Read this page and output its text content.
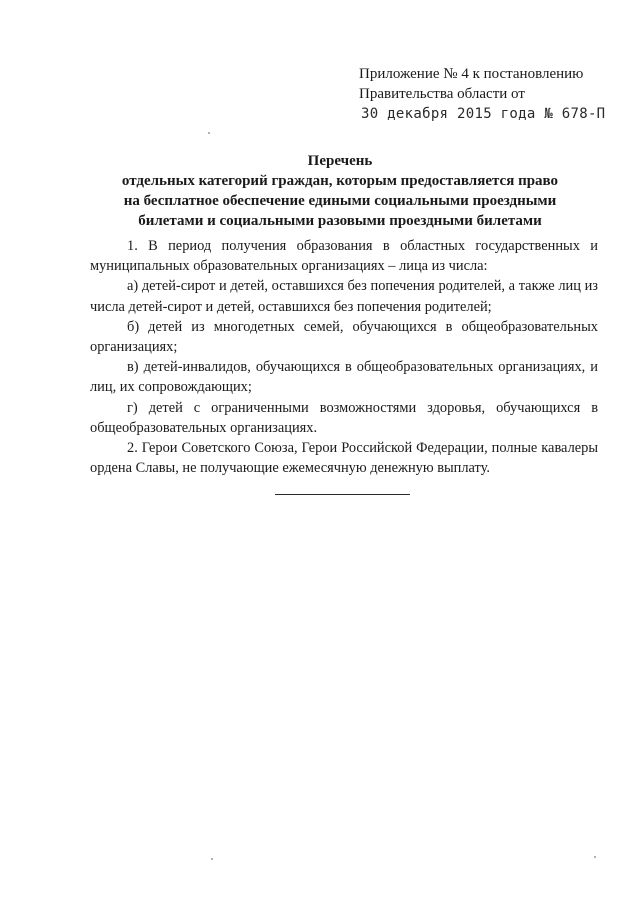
Приложение № 4 к постановлению
Правительства области от
30 декабря 2015 года № 678-П
Перечень
отдельных категорий граждан, которым предоставляется право
на бесплатное обеспечение едиными социальными проездными
билетами и социальными разовыми проездными билетами

1. В период получения образования в областных государственных и муниципальных образовательных организациях – лица из числа:

а) детей-сирот и детей, оставшихся без попечения родителей, а также лиц из числа детей-сирот и детей, оставшихся без попечения родителей;

б) детей из многодетных семей, обучающихся в общеобразовательных организациях;

в) детей-инвалидов, обучающихся в общеобразовательных организациях, и лиц, их сопровождающих;

г) детей с ограниченными возможностями здоровья, обучающихся в общеобразовательных организациях.

2. Герои Советского Союза, Герои Российской Федерации, полные кавалеры ордена Славы, не получающие ежемесячную денежную выплату.
